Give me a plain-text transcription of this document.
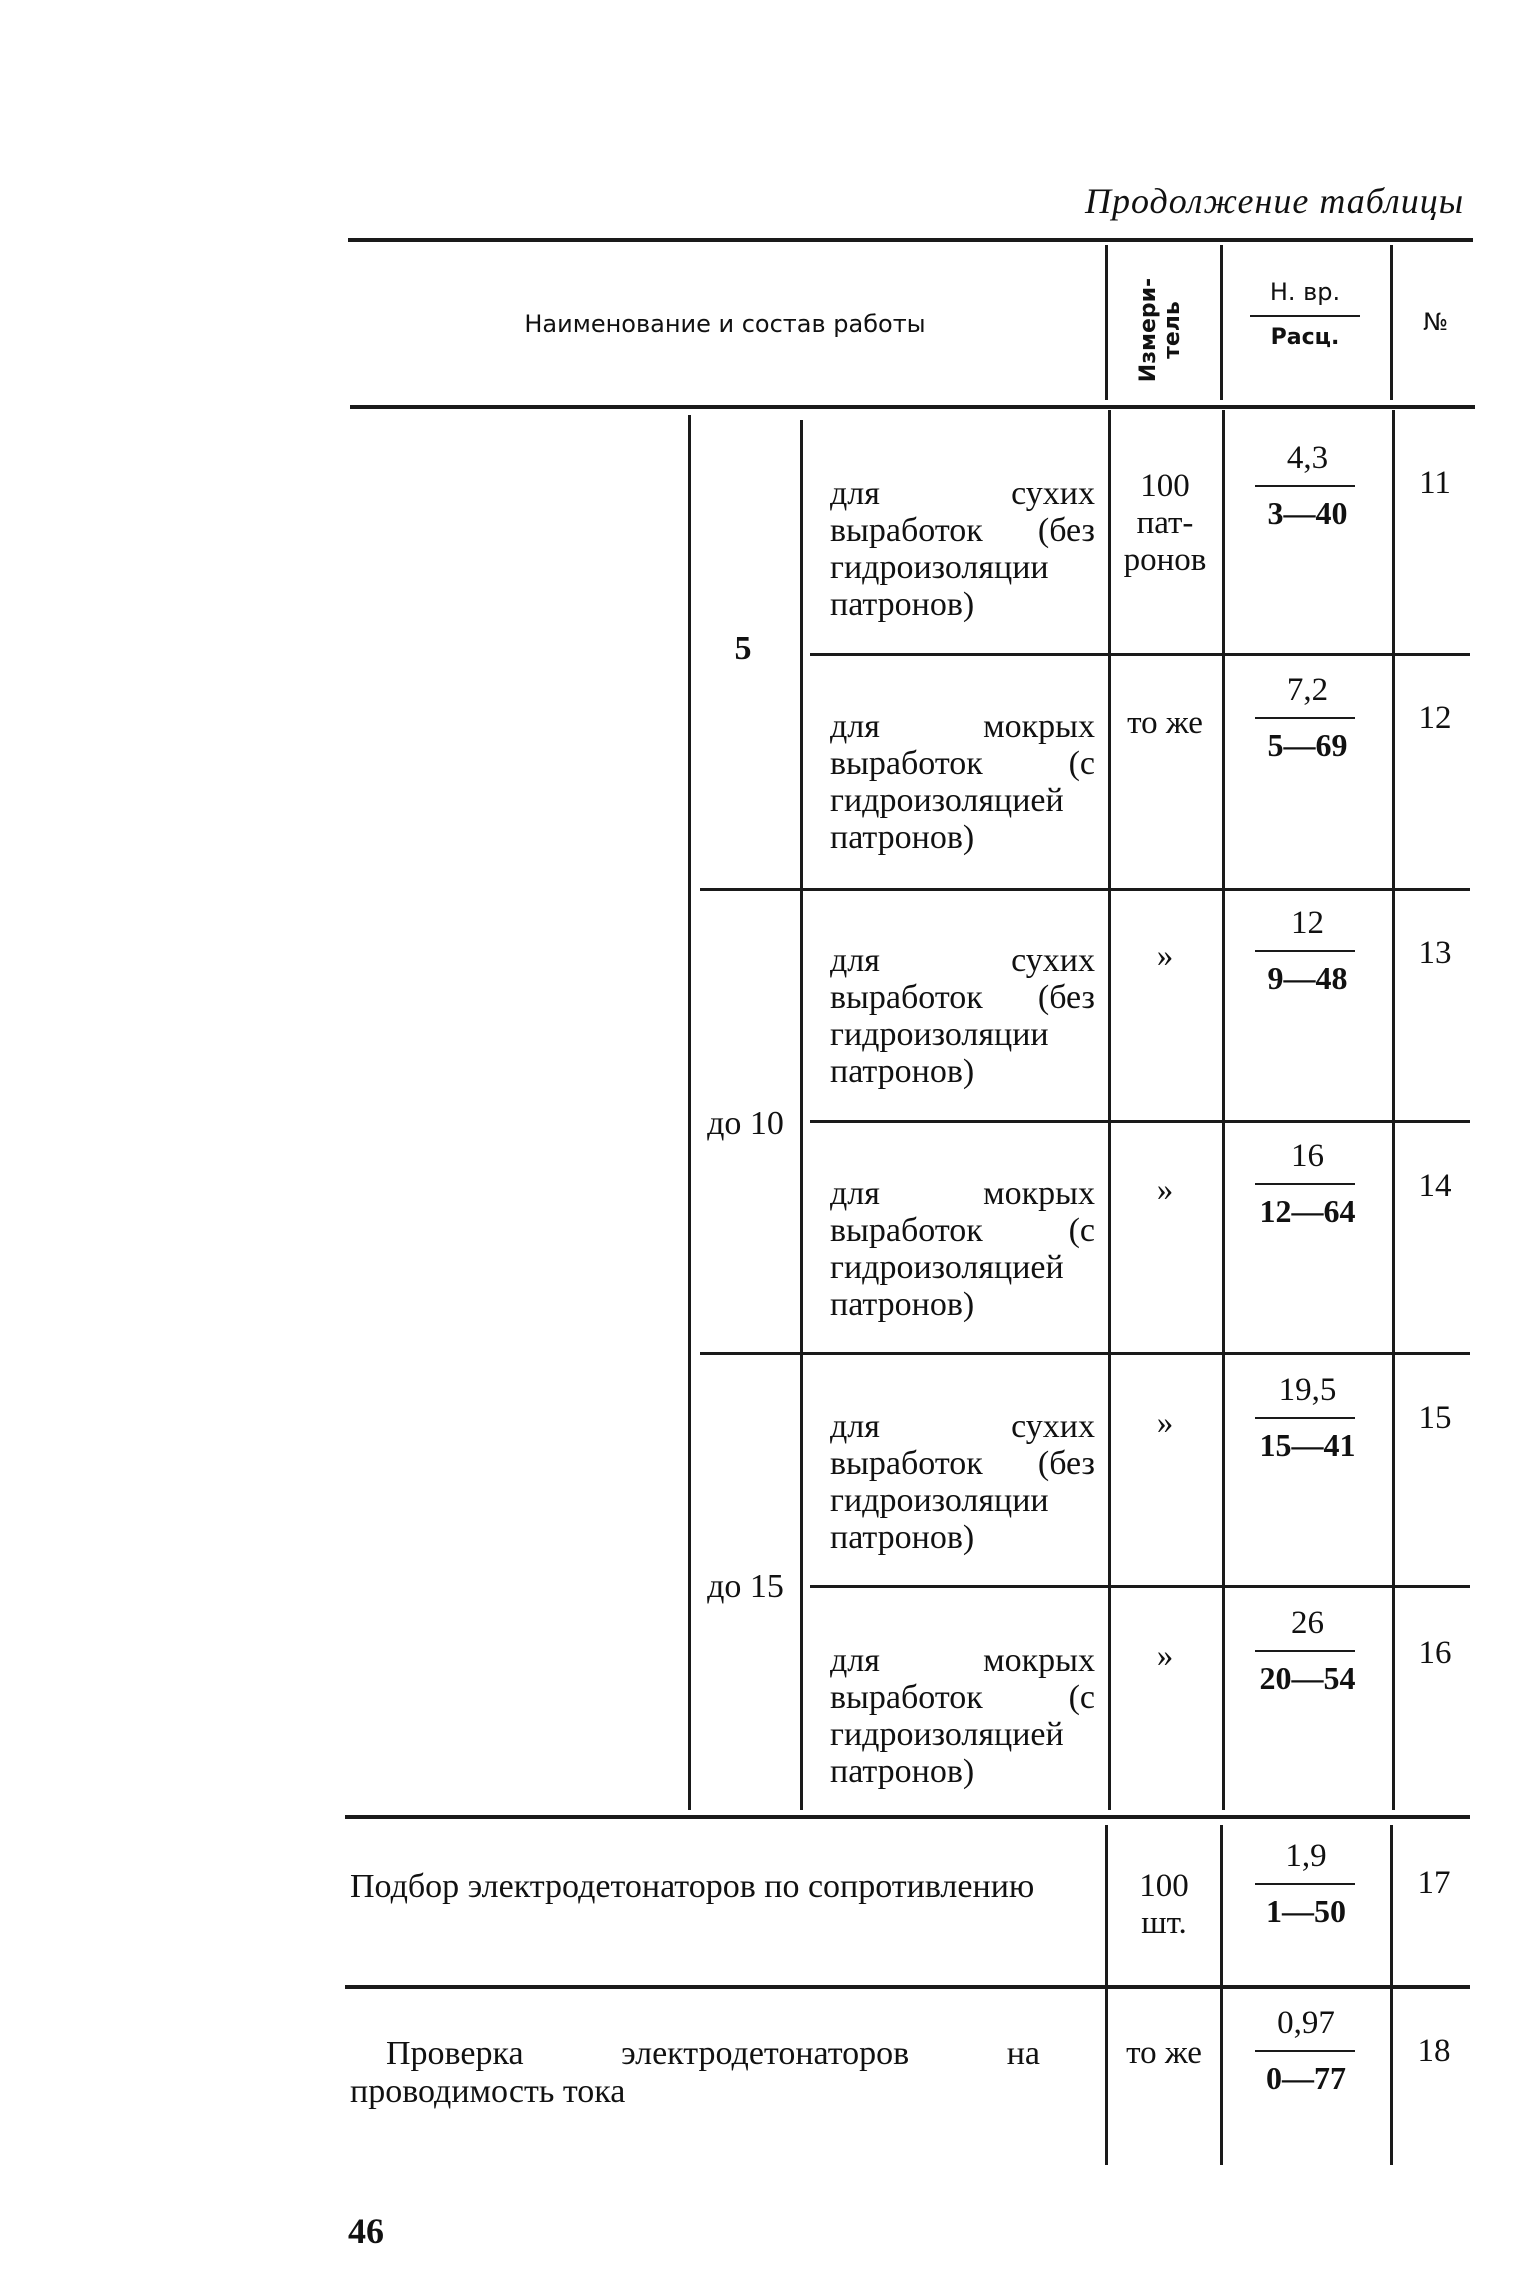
Продолжение таблицы
Наименование и состав работы	Измери-
тель
Н. вр.
Расц.
№
5
до 10
до 15
для сухих выработок (без гидроизоляции патронов)
100
пат-
ронов
4,3
3—40
11
для мокрых выработок (с гидроизоляцией патронов)
то же
7,2
5—69
12
для сухих выработок (без гидроизоляции патронов)
»
12
9—48
13
для мокрых выработок (с гидроизоляцией патронов)
»
16
12—64
14
для сухих выработок (без гидроизоляции патронов)
»
19,5
15—41
15
для мокрых выработок (с гидроизоляцией патронов)
»
26
20—54
16
Подбор электродетонаторов по сопротивлению	100
шт.
1,9
1—50
17
Проверка электродетонаторов на проводимость тока
то же
0,97
0—77
18
46
